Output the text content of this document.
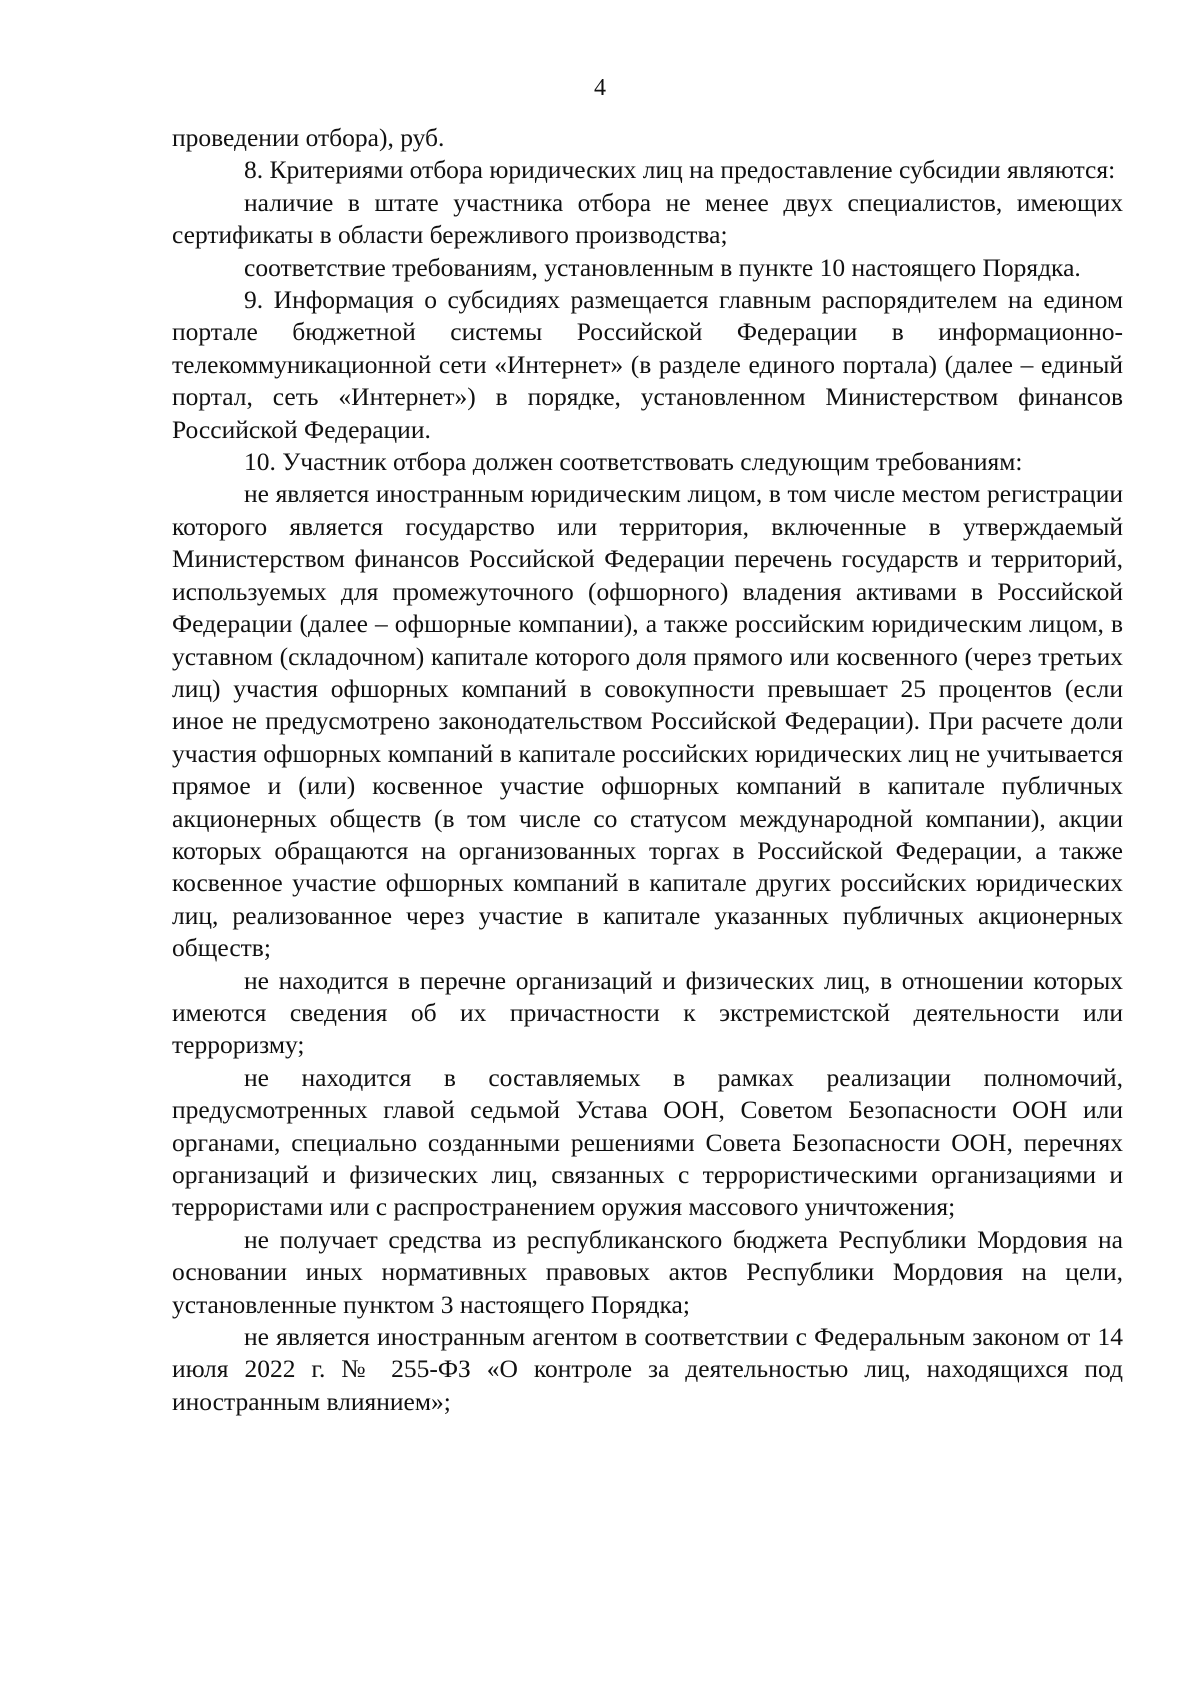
4

проведении отбора), руб.

8. Критериями отбора юридических лиц на предоставление субсидии являются:

наличие в штате участника отбора не менее двух специалистов, имеющих сертификаты в области бережливого производства;

соответствие требованиям, установленным в пункте 10 настоящего Порядка.

9. Информация о субсидиях размещается главным распорядителем на едином портале бюджетной системы Российской Федерации в информационно-телекоммуникационной сети «Интернет» (в разделе единого портала) (далее – единый портал, сеть «Интернет») в порядке, установленном Министерством финансов Российской Федерации.

10. Участник отбора должен соответствовать следующим требованиям:

не является иностранным юридическим лицом, в том числе местом регистрации которого является государство или территория, включенные в утверждаемый Министерством финансов Российской Федерации перечень государств и территорий, используемых для промежуточного (офшорного) владения активами в Российской Федерации (далее – офшорные компании), а также российским юридическим лицом, в уставном (складочном) капитале которого доля прямого или косвенного (через третьих лиц) участия офшорных компаний в совокупности превышает 25 процентов (если иное не предусмотрено законодательством Российской Федерации). При расчете доли участия офшорных компаний в капитале российских юридических лиц не учитывается прямое и (или) косвенное участие офшорных компаний в капитале публичных акционерных обществ (в том числе со статусом международной компании), акции которых обращаются на организованных торгах в Российской Федерации, а также косвенное участие офшорных компаний в капитале других российских юридических лиц, реализованное через участие в капитале указанных публичных акционерных обществ;

не находится в перечне организаций и физических лиц, в отношении которых имеются сведения об их причастности к экстремистской деятельности или терроризму;

не находится в составляемых в рамках реализации полномочий, предусмотренных главой седьмой Устава ООН, Советом Безопасности ООН или органами, специально созданными решениями Совета Безопасности ООН, перечнях организаций и физических лиц, связанных с террористическими организациями и террористами или с распространением оружия массового уничтожения;

не получает средства из республиканского бюджета Республики Мордовия на основании иных нормативных правовых актов Республики Мордовия на цели, установленные пунктом 3 настоящего Порядка;

не является иностранным агентом в соответствии с Федеральным законом от 14 июля 2022 г. № 255-ФЗ «О контроле за деятельностью лиц, находящихся под иностранным влиянием»;
